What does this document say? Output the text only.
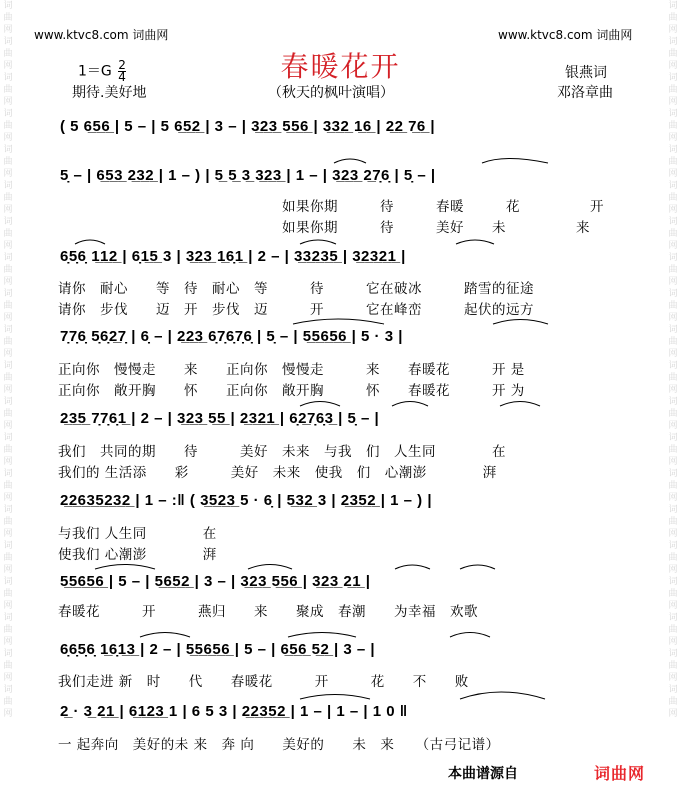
词曲网词曲网词曲网词曲网词曲网词曲网词曲网词曲网词曲网词曲网词曲网词曲网词曲网词曲网词曲网词曲网词曲网词曲网词曲网词曲网
词曲网词曲网词曲网词曲网词曲网词曲网词曲网词曲网词曲网词曲网词曲网词曲网词曲网词曲网词曲网词曲网词曲网词曲网词曲网词曲网
www.ktvc8.com 词曲网	www.ktvc8.com 词曲网
春暖花开
$1=G \frac{2}{4}$
期待.美好地	（秋天的枫叶演唱）
银燕词
邓洛章曲
( 5 6̲5̲6̲ | 5 – | 5 6̲5̲2̲ | 3 – | 3̲2̲3̲ 5̲5̲6̲ | 3̲3̲2̲ 1̲6̲ | 2̲2̲ 7̲6̲ |
5̣ – | 6̲5̲3̲ 2̲3̲2̲ | 1 – ) | 5̲ 5̲ 3̲ 3̲2̲3̲ | 1 – | 3̲2̲3̲ 2̲7̣6̣ | 5̣ – |
如果你期　　　待　　　春暖　　　花　　　　　开
如果你期　　　待　　　美好　　未　　　　　来
6̣5̣6̣ 1̲1̲2̲ | 6̣1̲5̲ 3 | 3̲2̲3̲ 1̲6̣1̲ | 2 – | 3̲3̲2̲3̲5̲ | 3̲2̲3̲2̲1̲ |
请你　耐心　　等　待　耐心　等　　　待　　　它在破冰　　　踏雪的征途
请你　步伐　　迈　开　步伐　迈　　　开　　　它在峰峦　　　起伏的远方
7̣7̣6̣ 5̣6̣2̲7̣ | 6̣ – | 2̲2̲3̲ 6̣7̣6̣7̣6̣ | 5̣ – | 5̲5̲6̲5̲6̲ | 5 · 3 |
正向你　慢慢走　　来　　正向你　慢慢走　　　来　　春暖花　　　开 是
正向你　敞开胸　　怀　　正向你　敞开胸　　　怀　　春暖花　　　开 为
2̲3̲5̲ 7̣7̣6̣1̲ | 2 – | 3̲2̲3̲ 5̲5̲ | 2̲3̲2̲1̲ | 6̣2̲7̣6̣3̲ | 5̣ – |
我们　共同的期　　待　　　美好　未来　与我　们　人生同　　　　在
我们的 生活添　　彩　　　美好　未来　使我　们　心潮澎　　　　湃
2̲2̲6̲3̲5̲2̲3̲2̲ | 1 – :‖ ( 3̲5̲2̲3̲ 5 · 6̣ | 5̲3̲2̲ 3 | 2̲3̲5̲2̲ | 1 – ) |
与我们 人生同　　　　在
使我们 心潮澎　　　　湃
5̲5̲6̲5̲6̲ | 5 – | 5̲6̲5̲2̲ | 3 – | 3̲2̲3̲ 5̲5̲6̲ | 3̲2̲3̲ 2̲1̲ |
春暖花　　　开　　　燕归　　来　　聚成　春潮　　为幸福　欢歌
6̣6̣5̣6̣ 1̲6̣1̲3̲ | 2 – | 5̲5̲6̲5̲6̲ | 5 – | 6̲5̲6̲ 5̲2̲ | 3 – |
我们走进 新　时　　代　　春暖花　　　开　　　花　　不　　败
2̲ · 3̲ 2̲1̲ | 6̲1̲2̲3̲ 1 | 6 5 3 | 2̲2̲3̲5̲2̲ | 1 – | 1 – | 1 0 ‖
一 起奔向　美好的未 来　奔 向　　美好的　　未　来　　（古弓记谱）
本曲谱源自	词曲网
